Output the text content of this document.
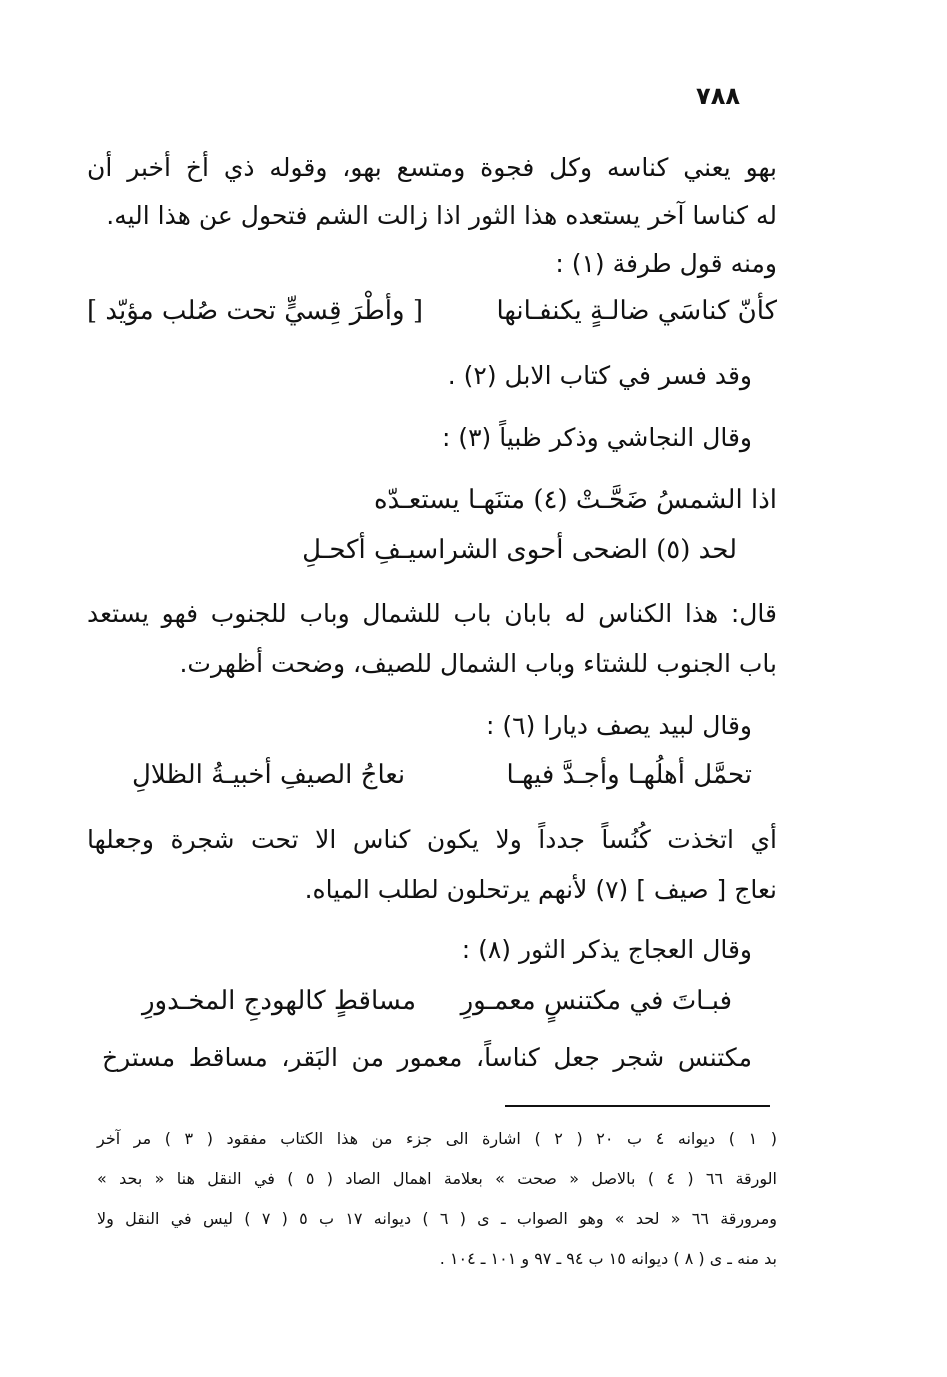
٧٨٨
بهو يعني كناسه وكل فجوة ومتسع بهو، وقوله ذي أخ أخبر أن
له كناسا آخر يستعده هذا الثور اذا زالت الشم فتحول عن هذا اليه.
ومنه قول طرفة (١) :
كأنّ كناسَي ضالـةٍ يكنفـانها
[ وأطْرَ قِسيٍّ تحت صُلب مؤيّد ]
وقد فسر في كتاب الابل (٢) .
وقال النجاشي وذكر ظبياً (٣) :
اذا الشمسُ ضَحَّـتْ (٤) متنَهـا يستعـدّه
لحد (٥) الضحى أحوى الشراسيـفِ أكحـلِ
قال: هذا الكناس له بابان باب للشمال وباب للجنوب فهو يستعد
باب الجنوب للشتاء وباب الشمال للصيف، وضحت أظهرت.
وقال لبيد يصف ديارا (٦) :
تحمَّل أهلُهـا وأجـدَّ فيهـا
نعاجُ الصيفِ أخبيـةُ الظلالِ
أي اتخذت كُنُساً جدداً ولا يكون كناس الا تحت شجرة وجعلها
نعاج [ صيف ] (٧) لأنهم يرتحلون لطلب المياه.
وقال العجاج يذكر الثور (٨) :
فبـاتَ في مكتنسٍ معمـورِ
مساقطٍ كالهودجِ المخـدورِ
مكتنس شجر جعل كناساً، معمور من البَقر، مساقط مسترخ
( ١ ) ديوانه ٤ ب ٢٠ ( ٢ ) اشارة الى جزء من هذا الكتاب مفقود ( ٣ ) مر آخر
الورقة ٦٦ ( ٤ ) بالاصل « صحت » بعلامة اهمال الصاد ( ٥ ) في النقل هنا « بحد »
ومرورقة ٦٦ « لحد » وهو الصواب ـ ى ( ٦ ) ديوانه ١٧ ب ٥ ( ٧ ) ليس في النقل ولا
بد منه ـ ى ( ٨ ) ديوانه ١٥ ب ٩٤ ـ ٩٧ و ١٠١ ـ ١٠٤ .
